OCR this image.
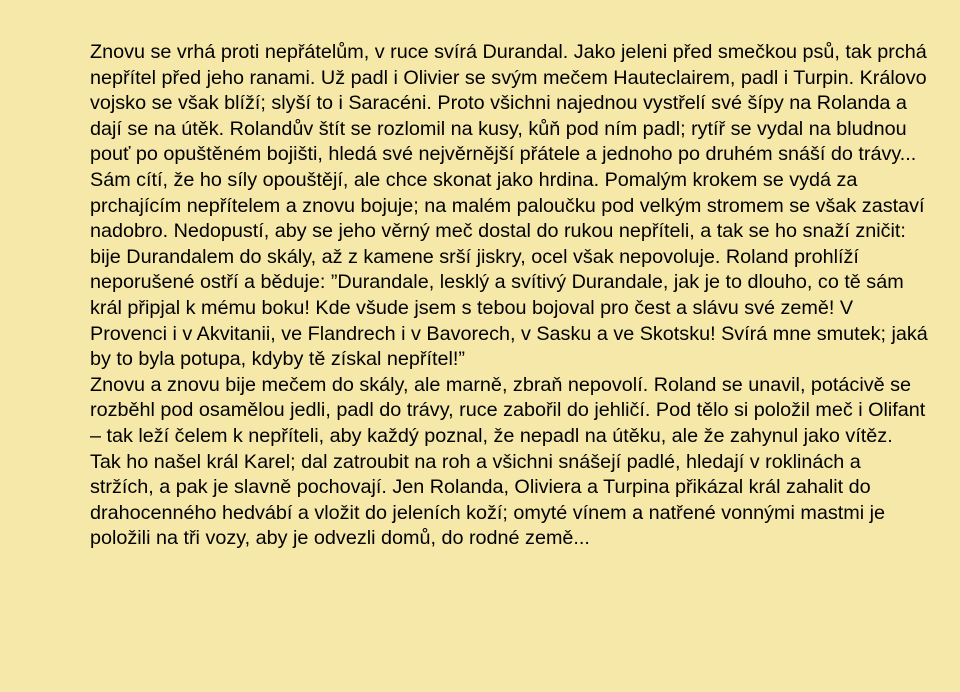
Znovu se vrhá proti nepřátelům, v ruce svírá Durandal. Jako jeleni před smečkou psů, tak prchá nepřítel před jeho ranami. Už padl i Olivier se svým mečem Hauteclairem, padl i Turpin. Královo vojsko se však blíží; slyší to i Saracéni. Proto všichni najednou vystřelí své šípy na Rolanda a dají se na útěk. Rolandův štít se rozlomil na kusy, kůň pod ním padl; rytíř se vydal na bludnou pouť po opuštěném bojišti, hledá své nejvěrnější přátele a jednoho po druhém snáší do trávy... Sám cítí, že ho síly opouštějí, ale chce skonat jako hrdina. Pomalým krokem se vydá za prchajícím nepřítelem a znovu bojuje; na malém paloučku pod velkým stromem se však zastaví nadobro. Nedopustí, aby se jeho věrný meč dostal do rukou nepříteli, a tak se ho snaží zničit: bije Durandalem do skály, až z kamene srší jiskry, ocel však nepovoluje. Roland prohlíží neporušené ostří a běduje: ”Durandale, lesklý a svítivý Durandale, jak je to dlouho, co tě sám král připjal k mému boku! Kde všude jsem s tebou bojoval pro čest a slávu své země! V Provenci i v Akvitanii, ve Flandrech i v Bavorech, v Sasku a ve Skotsku! Svírá mne smutek; jaká by to byla potupa, kdyby tě získal nepřítel!”
Znovu a znovu bije mečem do skály, ale marně, zbraň nepovolí. Roland se unavil, potácivě se rozběhl pod osamělou jedli, padl do trávy, ruce zabořil do jehličí. Pod tělo si položil meč i Olifant – tak leží čelem k nepříteli, aby každý poznal, že nepadl na útěku, ale že zahynul jako vítěz.
Tak ho našel král Karel; dal zatroubit na roh a všichni snášejí padlé, hledají v roklinách a stržích, a pak je slavně pochovají. Jen Rolanda, Oliviera a Turpina přikázal král zahalit do drahocenného hedvábí a vložit do jeleních koží; omyté vínem a natřené vonnými mastmi je položili na tři vozy, aby je odvezli domů, do rodné země...
